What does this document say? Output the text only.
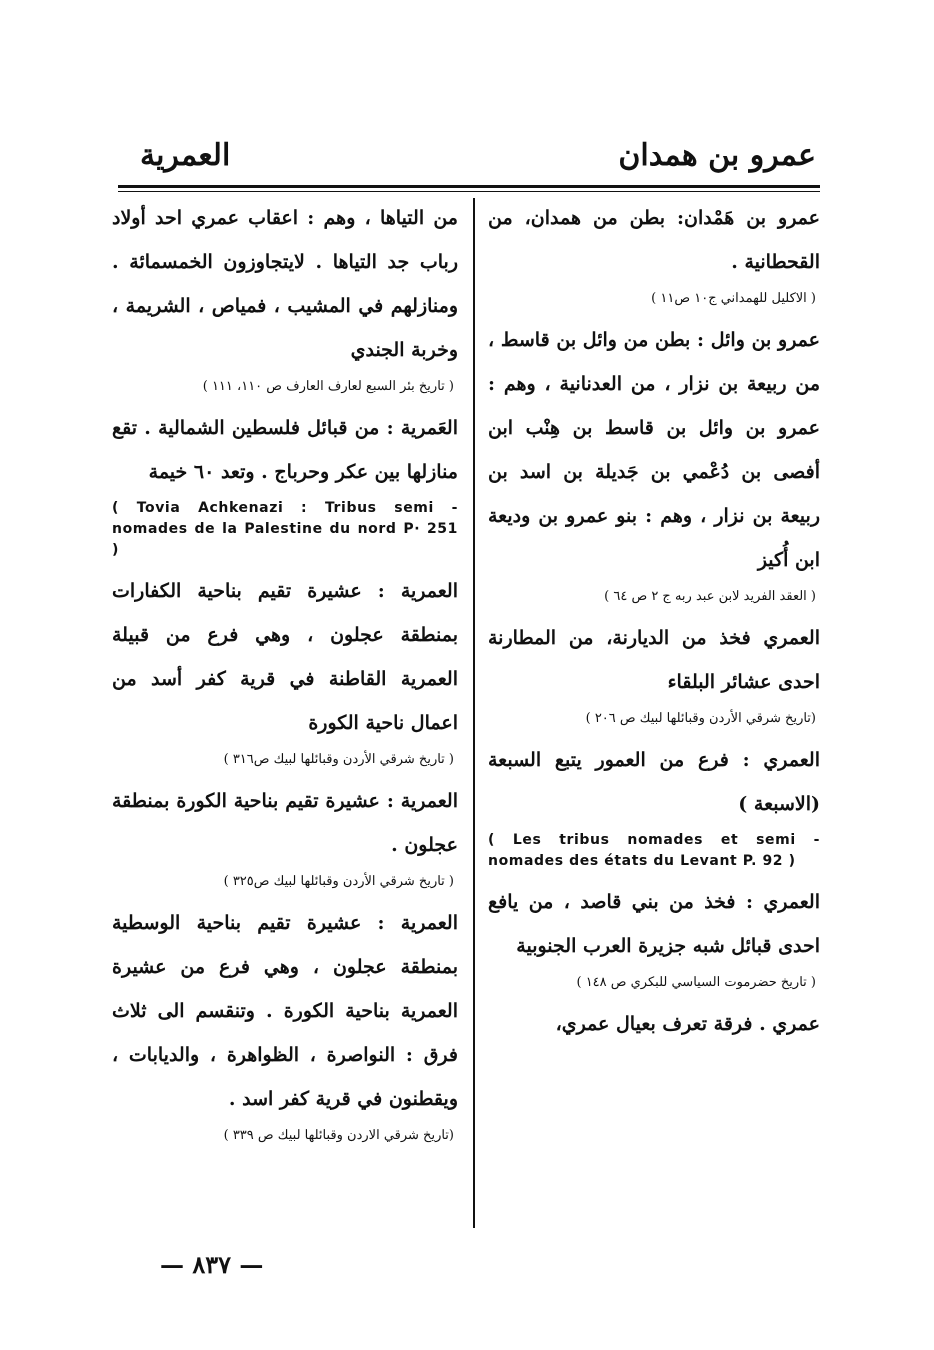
عمرو بن همدان
العمرية

عمرو بن هَمْدان: بطن من همدان، من القحطانية .

( الاكليل للهمداني ج١٠ ص١١ )

عمرو بن وائل : بطن من وائل بن قاسط ، من ربيعة بن نزار ، من العدنانية ، وهم : عمرو بن وائل بن قاسط بن هِنْب ابن أفصى بن دُعْمي بن جَديلة بن اسد بن ربيعة بن نزار ، وهم : بنو عمرو بن وديعة ابن أُكيز

( العقد الفريد لابن عبد ربه ج ٢ ص ٦٤ )

العمري فخذ من الديارنة، من المطارنة احدى عشائر البلقاء

(تاريخ شرقي الأردن وقبائلها لبيك ص ٢٠٦ )

العمري : فرع من العمور يتبع السبعة (الاسبعة )

( Les tribus nomades et semi - nomades des états du Levant P. 92 )

العمري : فخذ من بني قاصد ، من يافع احدى قبائل شبه جزيرة العرب الجنوبية

( تاريخ حضرموت السياسي للبكري ص ١٤٨ )

عمري . فرقة تعرف بعيال عمري،

من التياها ، وهم : اعقاب عمري احد أولاد رباب جد التياها . لايتجاوزون الخمسمائة . ومنازلهم في المشيب ، فمياص ، الشريمة ، وخربة الجندي

( تاريخ بئر السبع لعارف العارف ص ١١٠، ١١١ )

العَمرية : من قبائل فلسطين الشمالية . تقع منازلها بين عكر وحرباج . وتعد ٦٠ خيمة

( Tovia Achkenazi : Tribus semi - nomades de la Palestine du nord P· 251 )

العمرية : عشيرة تقيم بناحية الكفارات بمنطقة عجلون ، وهي فرع من قبيلة العمرية القاطنة في قرية كفر أسد من اعمال ناحية الكورة

( تاريخ شرقي الأردن وقبائلها لبيك ص٣١٦ )

العمرية : عشيرة تقيم بناحية الكورة بمنطقة عجلون .

( تاريخ شرقي الأردن وقبائلها لبيك ص٣٢٥ )

العمرية : عشيرة تقيم بناحية الوسطية بمنطقة عجلون ، وهي فرع من عشيرة العمرية بناحية الكورة . وتنقسم الى ثلاث فرق : النواصرة ، الظواهرة ، والديابات ، ويقطنون في قرية كفر اسد .

(تاريخ شرقي الاردن وقبائلها لبيك ص ٣٣٩ )
— ٨٣٧ —
